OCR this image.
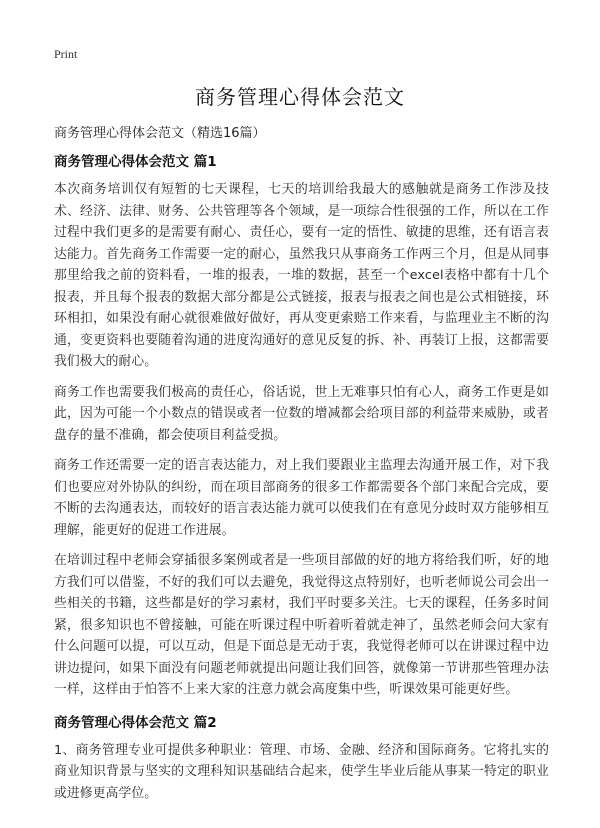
Print
商务管理心得体会范文
商务管理心得体会范文（精选16篇）
商务管理心得体会范文 篇1

本次商务培训仅有短暂的七天课程，七天的培训给我最大的感触就是商务工作涉及技术、经济、法律、财务、公共管理等各个领域，是一项综合性很强的工作，所以在工作过程中我们更多的是需要有耐心、责任心，要有一定的悟性、敏捷的思维，还有语言表达能力。首先商务工作需要一定的耐心，虽然我只从事商务工作两三个月，但是从同事那里给我之前的资料看，一堆的报表，一堆的数据，甚至一个excel表格中都有十几个报表，并且每个报表的数据大部分都是公式链接，报表与报表之间也是公式相链接，环环相扣，如果没有耐心就很难做好做好，再从变更索赔工作来看，与监理业主不断的沟通，变更资料也要随着沟通的进度沟通好的意见反复的拆、补、再装订上报，这都需要我们极大的耐心。

商务工作也需要我们极高的责任心，俗话说，世上无难事只怕有心人，商务工作更是如此，因为可能一个小数点的错误或者一位数的增减都会给项目部的利益带来威胁，或者盘存的量不准确，都会使项目利益受损。

商务工作还需要一定的语言表达能力，对上我们要跟业主监理去沟通开展工作，对下我们也要应对外协队的纠纷，而在项目部商务的很多工作都需要各个部门来配合完成，要不断的去沟通表达，而较好的语言表达能力就可以使我们在有意见分歧时双方能够相互理解，能更好的促进工作进展。

在培训过程中老师会穿插很多案例或者是一些项目部做的好的地方将给我们听，好的地方我们可以借鉴，不好的我们可以去避免，我觉得这点特别好，也听老师说公司会出一些相关的书籍，这些都是好的学习素材，我们平时要多关注。七天的课程，任务多时间紧，很多知识也不曾接触，可能在听课过程中听着听着就走神了，虽然老师会问大家有什么问题可以提，可以互动，但是下面总是无动于衷，我觉得老师可以在讲课过程中边讲边提问，如果下面没有问题老师就提出问题让我们回答，就像第一节讲那些管理办法一样，这样由于怕答不上来大家的注意力就会高度集中些，听课效果可能更好些。

商务管理心得体会范文 篇2

1、商务管理专业可提供多种职业：管理、市场、金融、经济和国际商务。它将扎实的商业知识背景与坚实的文理科知识基础结合起来，使学生毕业后能从事某一特定的职业或进修更高学位。
